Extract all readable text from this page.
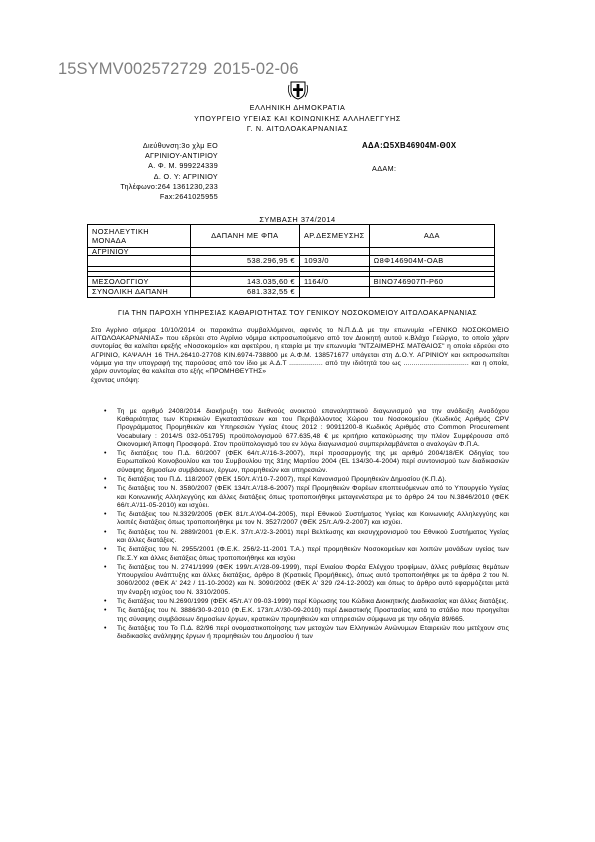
15SYMV002572729 2015-02-06
ΕΛΛΗΝΙΚΗ ΔΗΜΟΚΡΑΤΙΑ
ΥΠΟΥΡΓΕΙΟ ΥΓΕΙΑΣ ΚΑΙ ΚΟΙΝΩΝΙΚΗΣ ΑΛΛΗΛΕΓΓΥΗΣ
Γ. Ν. ΑΙΤΩΛΟΑΚΑΡΝΑΝΙΑΣ
Διεύθυνση:3ο χλμ ΕΟ
ΑΓΡΙΝΙΟΥ-ΑΝΤΙΡΙΟΥ
Α. Φ. Μ. 999224339
Δ. Ο. Υ: ΑΓΡΙΝΙΟΥ
Τηλέφωνο:264 1361230,233
Fax:2641025955
ΑΔΑ:Ω5ΧΒ46904Μ-Θ0Χ
ΑΔΑΜ:
ΣΥΜΒΑΣΗ 374/2014
ΝΟΣΗΛΕΥΤΙΚΗ ΜΟΝΑΔΑ	ΔΑΠΑΝΗ ΜΕ ΦΠΑ	ΑΡ.ΔΕΣΜΕΥΣΗΣ	ΑΔΑ
ΑΓΡΙΝΙΟΥ			
	538.296,95 €	1093/0	Ω8Φ146904Μ-ΟΑΒ

ΜΕΣΟΛΟΓΓΙΟΥ	143.035,60 €	1164/0	ΒΙΝΟ746907Π-Ρ60
ΣΥΝΟΛΙΚΗ ΔΑΠΑΝΗ	681.332,55 €		
ΓΙΑ ΤΗΝ ΠΑΡΟΧΗ ΥΠΗΡΕΣΙΑΣ ΚΑΘΑΡΙΟΤΗΤΑΣ ΤΟΥ ΓΕΝΙΚΟΥ ΝΟΣΟΚΟΜΕΙΟΥ ΑΙΤΩΛΟΑΚΑΡΝΑΝΙΑΣ

Στο Αγρίνιο σήμερα 10/10/2014 οι παρακάτω συμβαλλόμενοι, αφενός το Ν.Π.Δ.Δ με την επωνυμία «ΓΕΝΙΚΟ ΝΟΣΟΚΟΜΕΙΟ ΑΙΤΩΛΟΑΚΑΡΝΑΝΙΑΣ» που εδρεύει στο Αγρίνιο νόμιμα εκπροσωπούμενο από τον Διοικητή αυτού κ.Βλάχο Γεώργιο, το οποίο χάριν συντομίας θα καλείται εφεξής «Νοσοκομείο» και αφετέρου, η εταιρία με την επωνυμία "ΝΤΖΑΙΜΕΡΗΣ ΜΑΤΘΑΙΟΣ" η οποία εδρεύει στο ΑΓΡΙΝΙΟ, ΚΑΨΑΛΗ 16 ΤΗΛ.26410-27708 ΚΙΝ.6974-738800 με Α.Φ.Μ. 138571677 υπάγεται στη Δ.Ο.Υ. ΑΓΡΙΝΙΟΥ και εκπροσωπείται νόμιμα για την υπογραφή της παρούσας από τον ίδιο με Α.Δ.Τ ................. από την ιδιότητά του ως ................................. και η οποία, χάριν συντομίας θα καλείται στο εξής «ΠΡΟΜΗΘΕΥΤΗΣ»

έχοντας υπόψη:

• Τη με αριθμό 2408/2014 διακήρυξη του διεθνούς ανοικτού επαναληπτικού διαγωνισμού για την ανάδειξη Αναδόχου Καθαριότητας των Κτιριακών Εγκαταστάσεων και του Περιβάλλοντος Χώρου του Νοσοκομείου (Κωδικός Αριθμός CPV Προγράμματος Προμηθειών και Υπηρεσιών Υγείας έτους 2012 : 90911200-8 Κωδικός Αριθμός στο Common Procurement Vocabulary : 2014/S 032-051795) προϋπολογισμού 677.635,48 € με κριτήριο κατακύρωσης την πλέον Συμφέρουσα από Οικονομική Άποψη Προσφορά. Στον προϋπολογισμό του εν λόγω διαγωνισμού συμπεριλαμβάνεται ο αναλογών Φ.Π.Α.
• Τις διατάξεις του Π.Δ. 60/2007 (ΦΕΚ 64/τ.Α'/16-3-2007), περί προσαρμογής της με αριθμό 2004/18/ΕΚ Οδηγίας του Ευρωπαϊκού Κοινοβουλίου και του Συμβουλίου της 31ης Μαρτίου 2004 (EL 134/30-4-2004) περί συντονισμού των διαδικασιών σύναψης δημοσίων συμβάσεων, έργων, προμηθειών και υπηρεσιών.
• Τις διατάξεις του Π.Δ. 118/2007 (ΦΕΚ 150/τ.Α'/10-7-2007), περί Κανονισμού Προμηθειών Δημοσίου (Κ.Π.Δ).
• Τις διατάξεις του Ν. 3580/2007 (ΦΕΚ 134/τ.Α'/18-6-2007) περί Προμηθειών Φορέων εποπτευόμενων από το Υπουργείο Υγείας και Κοινωνικής Αλληλεγγύης και άλλες διατάξεις όπως τροποποιήθηκε μεταγενέστερα με το άρθρο 24 του Ν.3846/2010 (ΦΕΚ 66/τ.Α'/11-05-2010) και ισχύει.
• Τις διατάξεις του Ν.3329/2005 (ΦΕΚ 81/τ.Α'/04-04-2005), περί Εθνικού Συστήματος Υγείας και Κοινωνικής Αλληλεγγύης και λοιπές διατάξεις όπως τροποποιήθηκε με τον Ν. 3527/2007 (ΦΕΚ 25/τ.Α/9-2-2007) και ισχύει.
• Τις διατάξεις του Ν. 2889/2001 (Φ.Ε.Κ. 37/τ.Α'/2-3-2001) περί Βελτίωσης και εκσυγχρονισμού του Εθνικού Συστήματος Υγείας και άλλες διατάξεις.
• Τις διατάξεις του Ν. 2955/2001 (Φ.Ε.Κ. 256/2-11-2001 Τ.Α.) περί προμηθειών Νοσοκομείων και λοιπών μονάδων υγείας των Πε.Σ.Υ και άλλες διατάξεις όπως τροποποιήθηκε και ισχύει
• Τις διατάξεις του Ν. 2741/1999 (ΦΕΚ 199/τ.Α'/28-09-1999), περί Ενιαίου Φορέα Ελέγχου τροφίμων, άλλες ρυθμίσεις θεμάτων Υπουργείου Ανάπτυξης και άλλες διατάξεις, άρθρο 8 (Κρατικές Προμήθειες), όπως αυτό τροποποιήθηκε με τα άρθρα 2 του Ν. 3060/2002 (ΦΕΚ Α' 242 / 11-10-2002) και Ν. 3090/2002 (ΦΕΚ Α' 329 /24-12-2002) και όπως το άρθρο αυτό εφαρμόζεται μετά την έναρξη ισχύος του Ν. 3310/2005.
• Τις διατάξεις του Ν.2690/1999 (ΦΕΚ 45/τ.Α'/ 09-03-1999) περί Κύρωσης του Κώδικα Διοικητικής Διαδικασίας και άλλες διατάξεις.
• Τις διατάξεις του Ν. 3886/30-9-2010 (Φ.Ε.Κ. 173/τ.Α'/30-09-2010) περί Δικαστικής Προστασίας κατά το στάδιο που προηγείται της σύναψης συμβάσεων δημοσίων έργων, κρατικών προμηθειών και υπηρεσιών σύμφωνα με την οδηγία 89/665.
• Τις διατάξεις του Το Π.Δ. 82/96 περί ονομαστικοποίησης των μετοχών των Ελληνικών Ανώνυμων Εταιρειών που μετέχουν στις διαδικασίες ανάληψης έργων ή προμηθειών του Δημοσίου ή των
